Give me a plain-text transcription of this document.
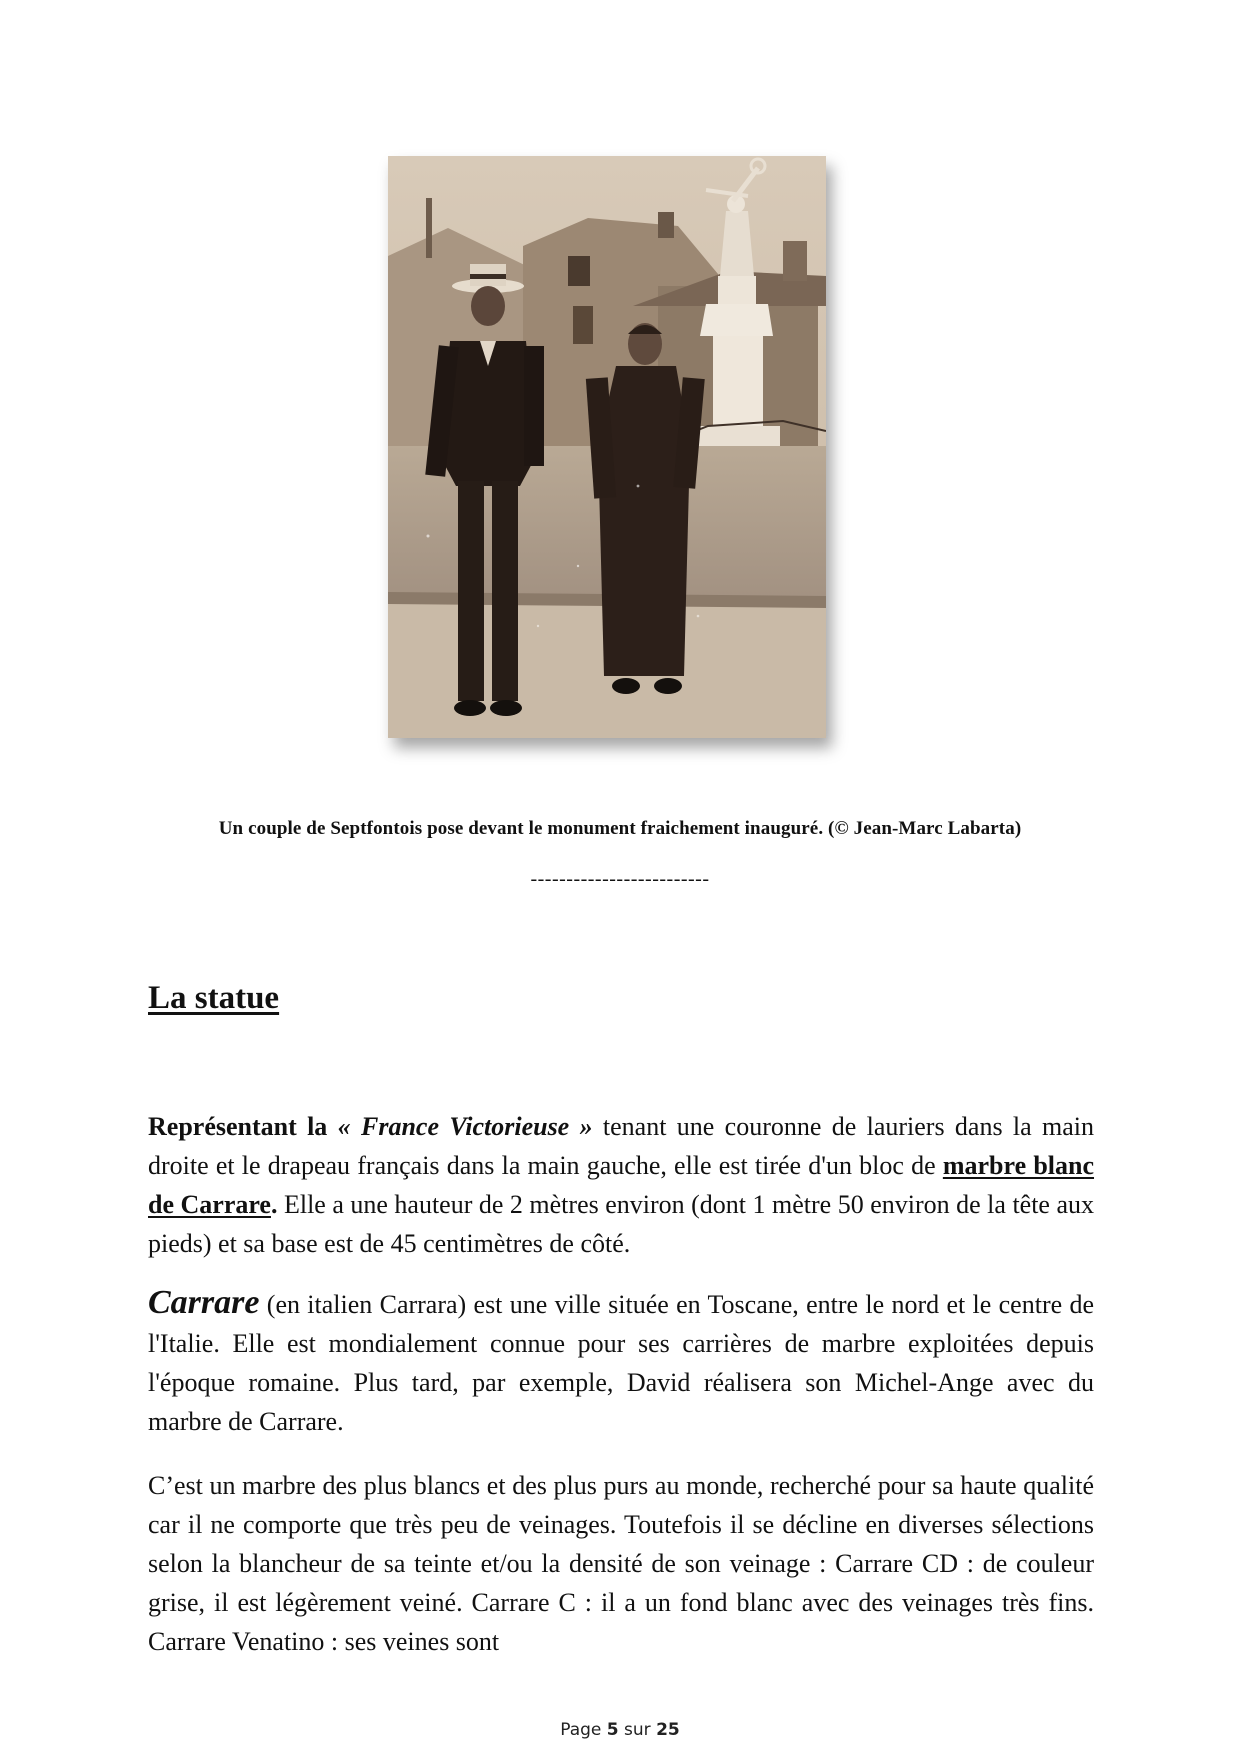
Un couple de Septfontois pose devant le monument fraichement inauguré. (© Jean-Marc Labarta)
-------------------------
La statue

Représentant la « France Victorieuse » tenant une couronne de lauriers dans la main droite et le drapeau français dans la main gauche, elle est tirée d'un bloc de marbre blanc de Carrare. Elle a une hauteur de 2 mètres environ (dont 1 mètre 50 environ de la tête aux pieds) et sa base est de 45 centimètres de côté.

Carrare (en italien Carrara) est une ville située en Toscane, entre le nord et le centre de l'Italie. Elle est mondialement connue pour ses carrières de marbre exploitées depuis l'époque romaine. Plus tard, par exemple, David réalisera son Michel-Ange avec du marbre de Carrare.

C’est un marbre des plus blancs et des plus purs au monde, recherché pour sa haute qualité car il ne comporte que très peu de veinages. Toutefois il se décline en diverses sélections selon la blancheur de sa teinte et/ou la densité de son veinage : Carrare CD : de couleur grise, il est légèrement veiné. Carrare C : il a un fond blanc avec des veinages très fins. Carrare Venatino : ses veines sont

Page 5 sur 25
